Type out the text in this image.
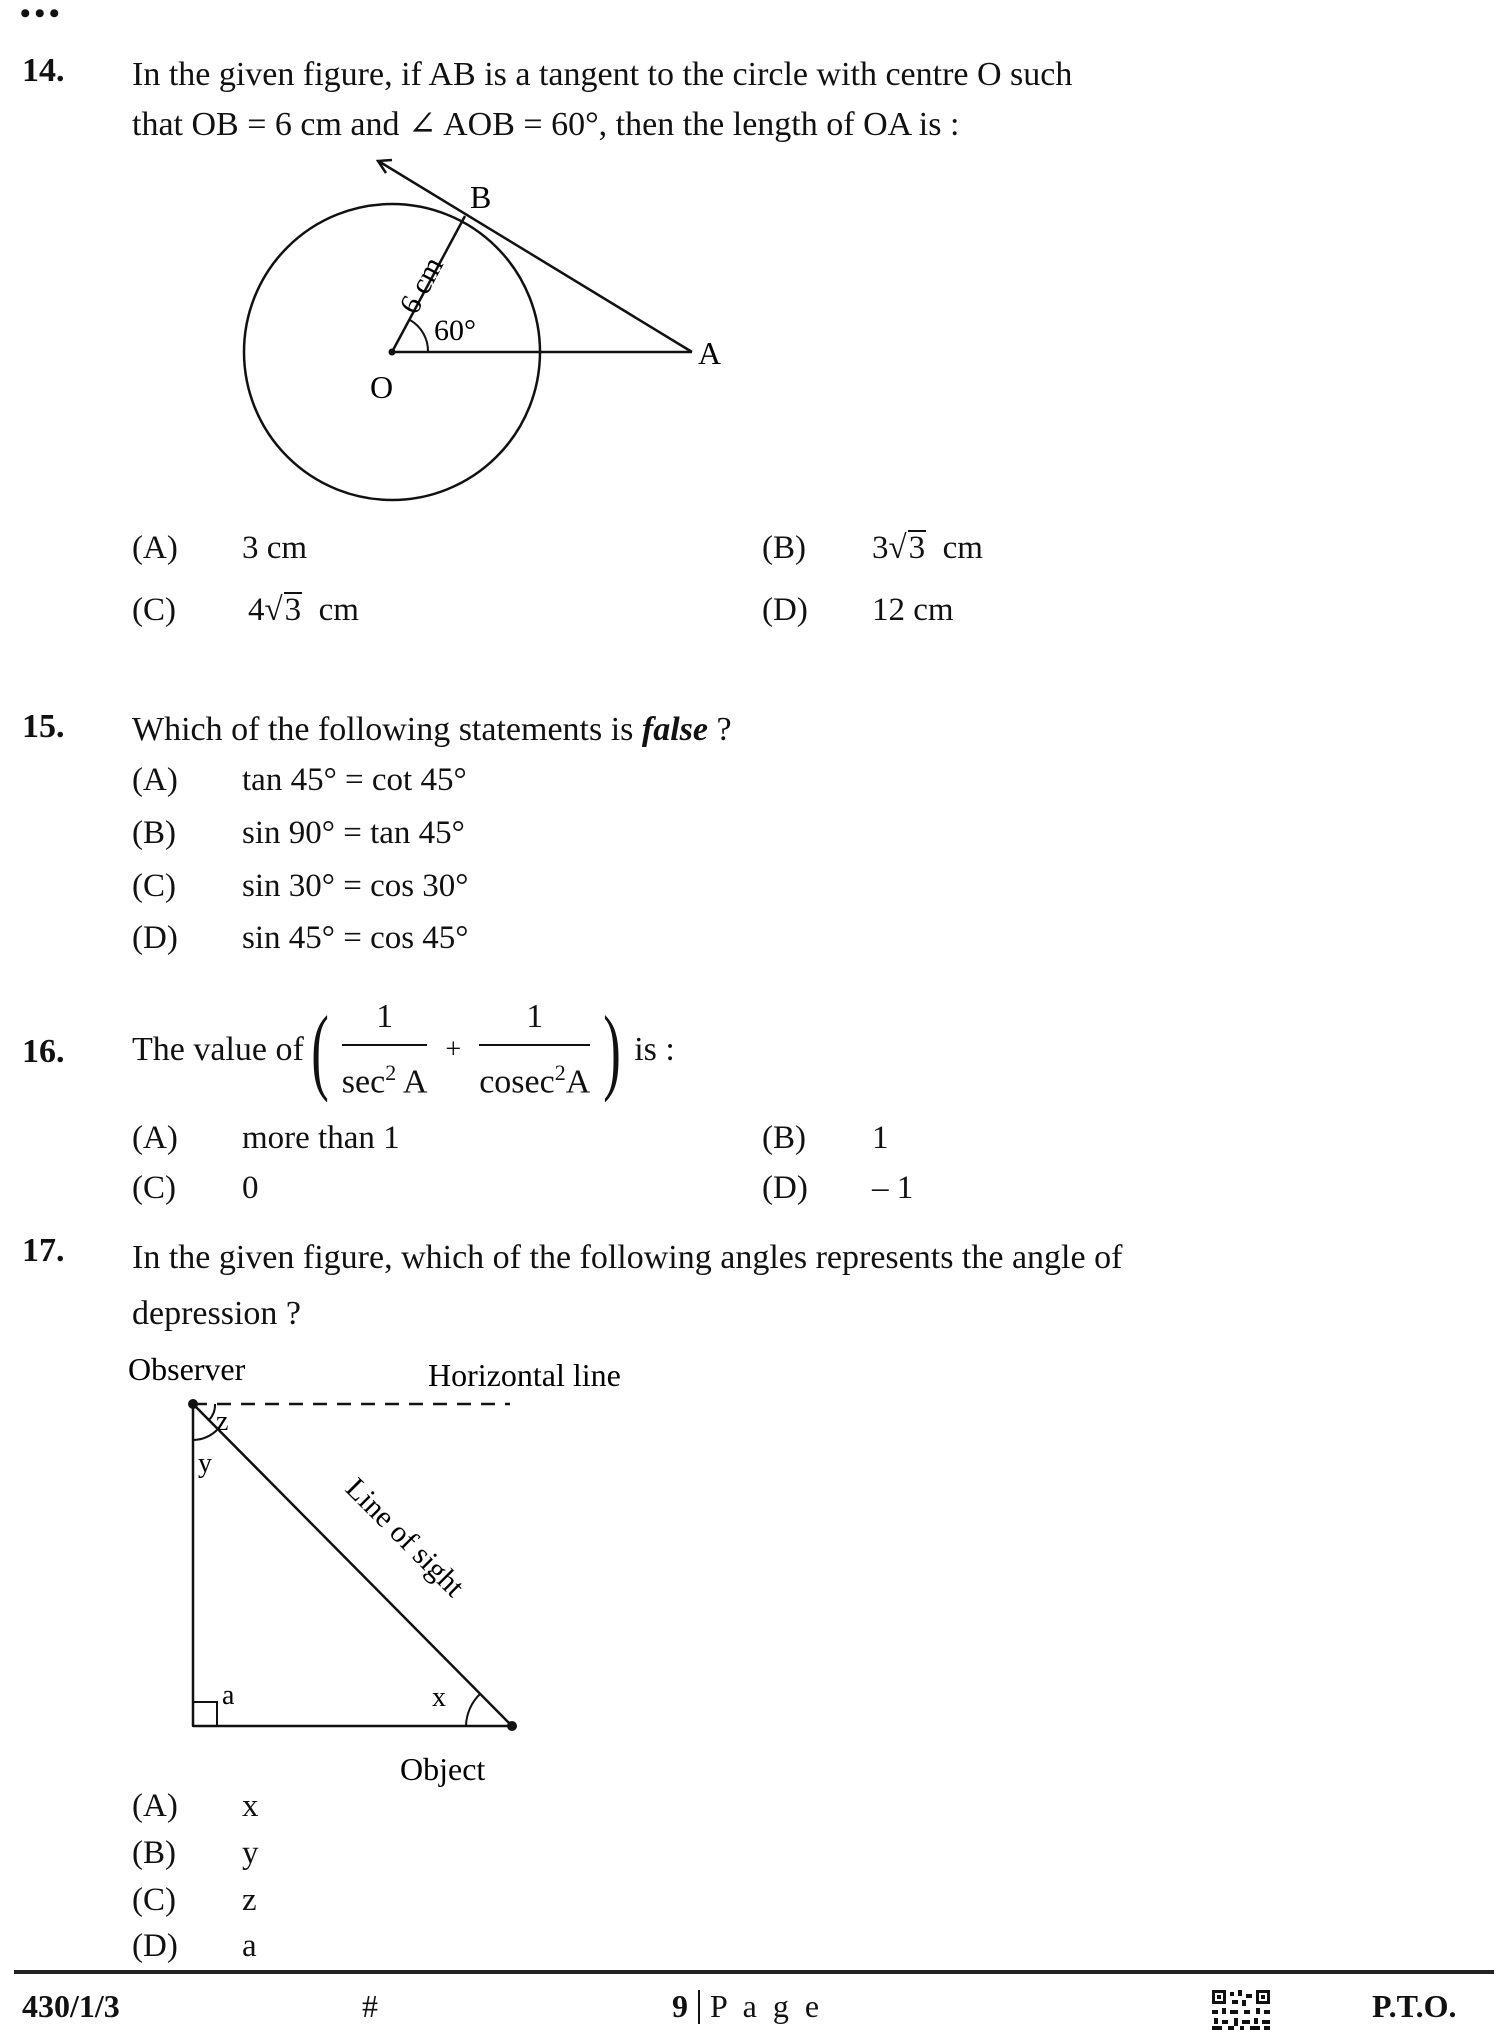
•••
14. In the given figure, if AB is a tangent to the circle with centre O such
that OB = 6 cm and ∠ AOB = 60°, then the length of OA is :
B
O
A
60°
6 cm
(A)	3 cm	(B)	3√3 cm
(C)	4√3 cm	(D)	12 cm
15. Which of the following statements is false ?
(A)	tan 45° = cot 45°
(B)	sin 90° = tan 45°
(C)	sin 30° = cos 30°
(D)	sin 45° = cos 45°
16. The value of ( $\frac{1}{\sec^2 A} + \frac{1}{cosec^2A}$ ) is :
(A)	more than 1	(B)	1
(C)	0	(D)	– 1
17. In the given figure, which of the following angles represents the angle of
depression ?
Observer	Horizontal line
Line of sight
Object
z
y
a	x
(A)	x
(B)	y
(C)	z
(D)	a
430/1/3	#	9 P a g e	P.T.O.
